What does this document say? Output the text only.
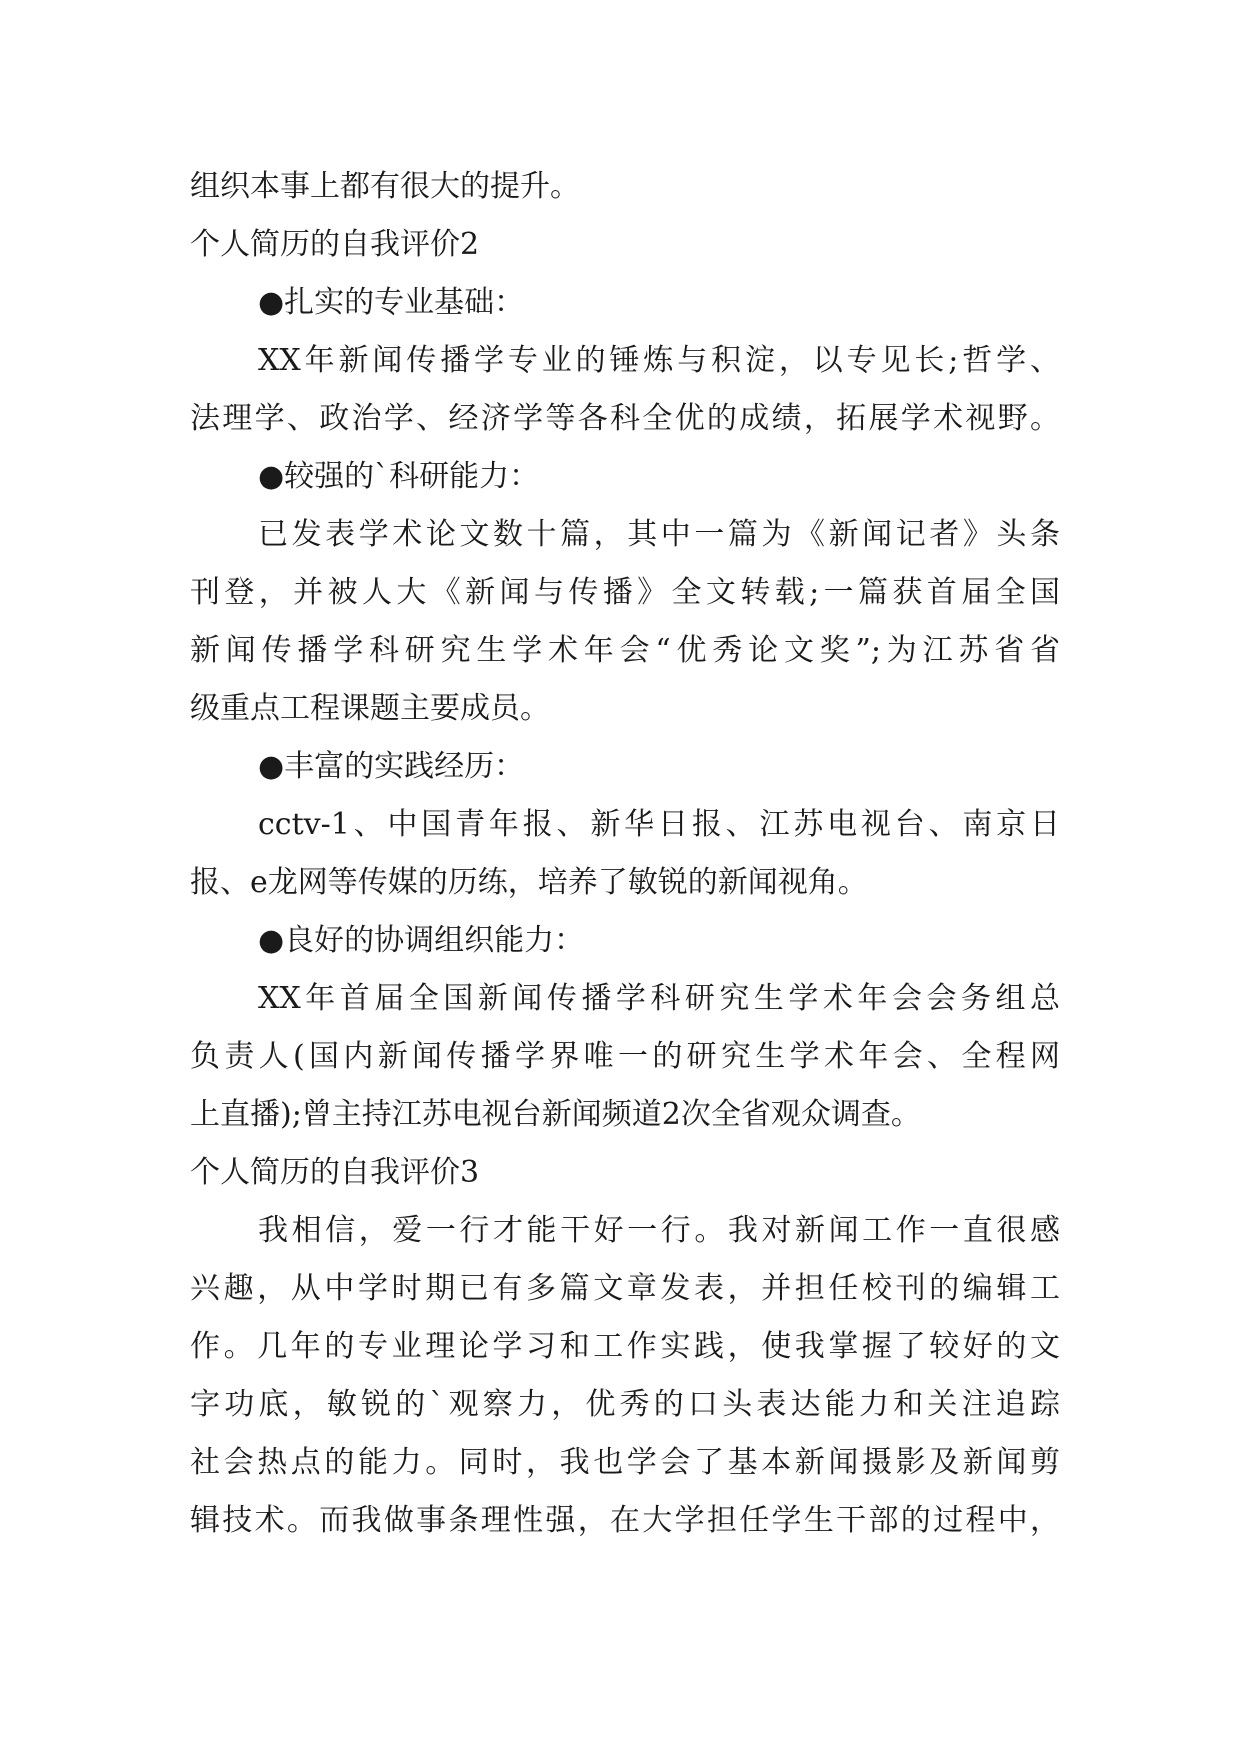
组织本事上都有很大的提升。
个人简历的自我评价2
●扎实的专业基础：
XX年新闻传播学专业的锤炼与积淀，以专见长;哲学、
法理学、政治学、经济学等各科全优的成绩，拓展学术视野。
●较强的`科研能力：
已发表学术论文数十篇，其中一篇为《新闻记者》头条
刊登，并被人大《新闻与传播》全文转载;一篇获首届全国
新闻传播学科研究生学术年会“优秀论文奖”;为江苏省省
级重点工程课题主要成员。
●丰富的实践经历：
cctv-1、中国青年报、新华日报、江苏电视台、南京日
报、e龙网等传媒的历练，培养了敏锐的新闻视角。
●良好的协调组织能力：
XX年首届全国新闻传播学科研究生学术年会会务组总
负责人(国内新闻传播学界唯一的研究生学术年会、全程网
上直播);曾主持江苏电视台新闻频道2次全省观众调查。
个人简历的自我评价3
我相信，爱一行才能干好一行。我对新闻工作一直很感
兴趣，从中学时期已有多篇文章发表，并担任校刊的编辑工
作。几年的专业理论学习和工作实践，使我掌握了较好的文
字功底，敏锐的`观察力，优秀的口头表达能力和关注追踪
社会热点的能力。同时，我也学会了基本新闻摄影及新闻剪
辑技术。而我做事条理性强，在大学担任学生干部的过程中，
